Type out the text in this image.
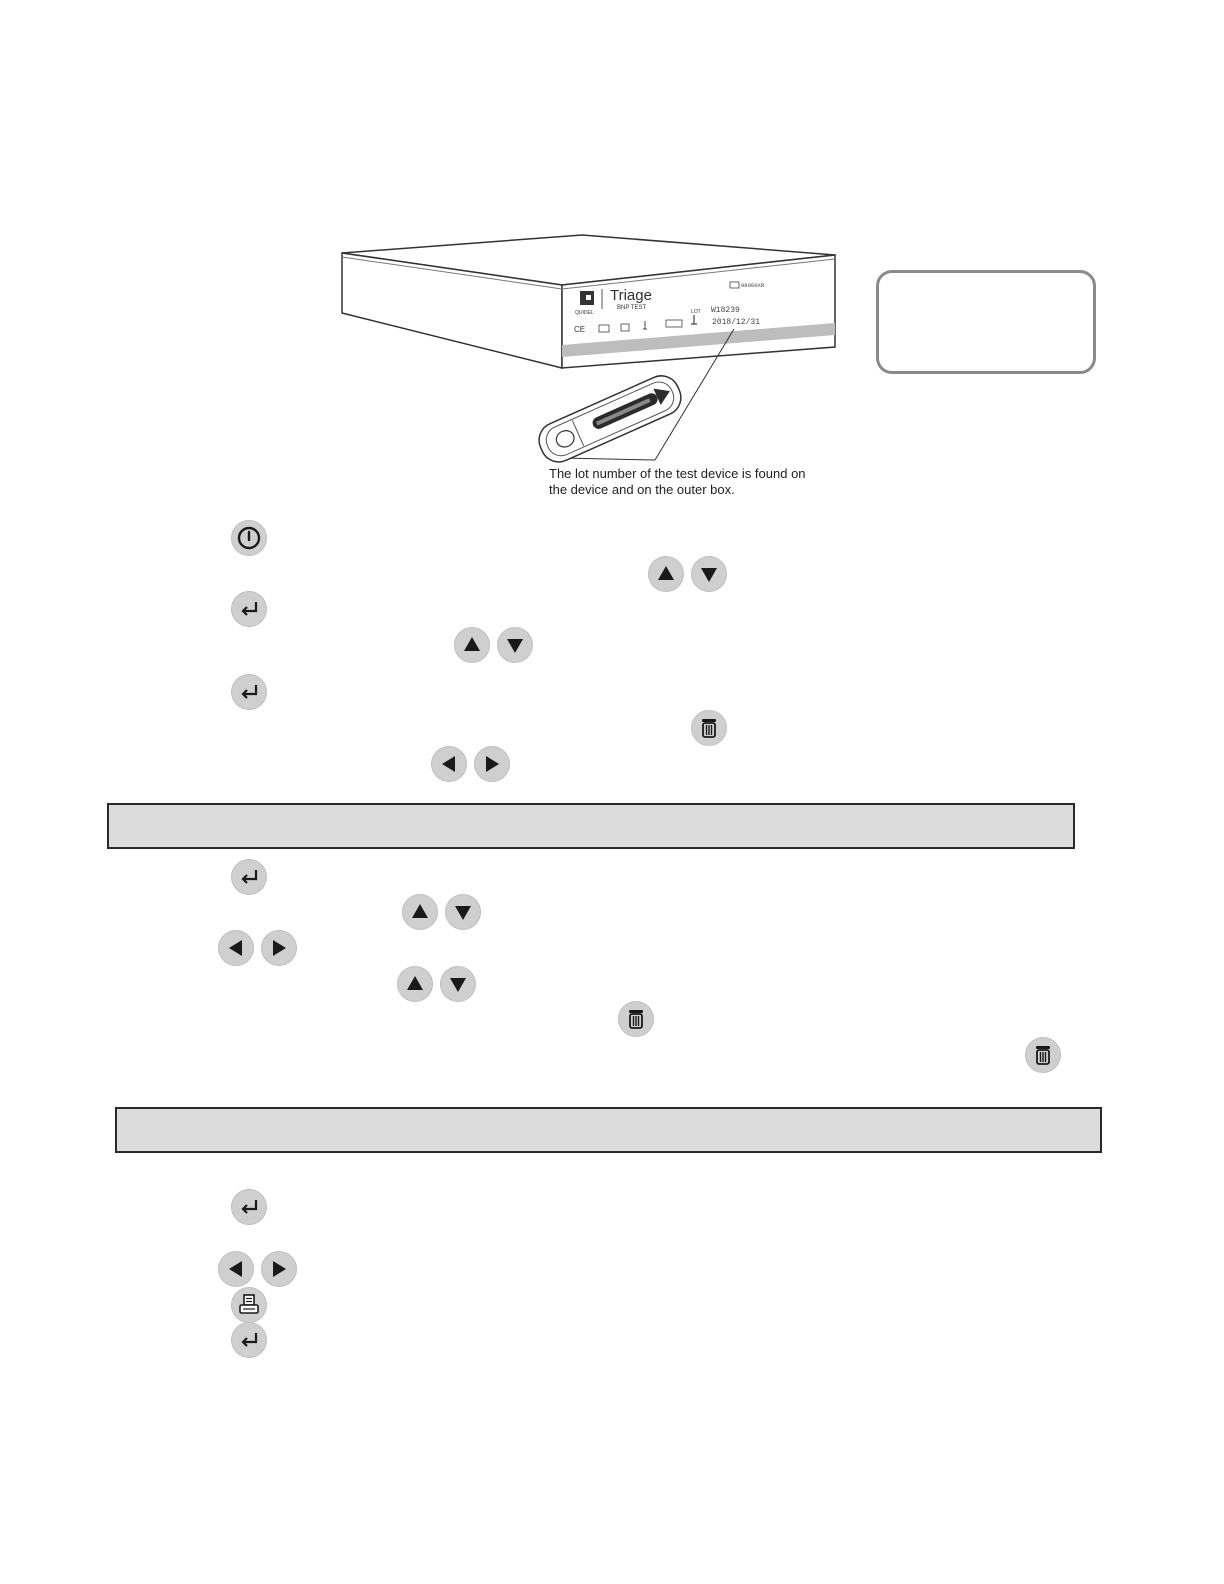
QUIDEL
Triage
BNP TEST
98000XR
LOT W18239
2018/12/31
CE
The lot number of the test device is found on
the device and on the outer box.
